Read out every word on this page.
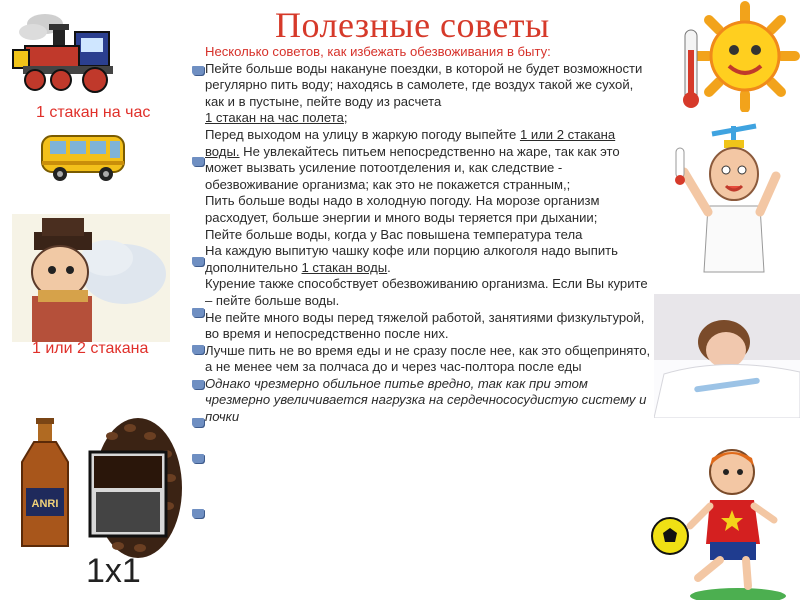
Полезные советы
1 стакан на час
1 или 2 стакана
ANRI
1х1

Несколько советов, как избежать обезвоживания в быту:

Пейте больше воды накануне поездки, в которой не будет возможности регулярно пить воду; находясь в самолете, где воздух такой же сухой, как и в пустыне, пейте воду из расчета
1 стакан на час полета;

Перед выходом на улицу в жаркую погоду выпейте 1 или 2 стакана воды. Не увлекайтесь питьем непосредственно на жаре, так как это может вызвать усиление потоотделения и, как следствие - обезвоживание организма; как это не покажется странным,;

Пить больше воды надо в холодную погоду. На морозе организм расходует, больше энергии и много воды теряется при дыхании;

Пейте больше воды, когда у Вас повышена температура тела

На каждую выпитую чашку кофе или порцию алкоголя надо выпить дополнительно 1 стакан воды.

Курение также способствует обезвоживанию организма. Если Вы курите – пейте больше воды.

Не пейте много воды перед тяжелой работой, занятиями физкультурой, во время и непосредственно после них.

Лучше пить не во время еды и не сразу после нее, как это общепринято, а не менее чем за полчаса до и через час-полтора после еды

Однако чрезмерно обильное питье вредно, так как при этом чрезмерно увеличивается нагрузка на сердечнососудистую систему и почки
